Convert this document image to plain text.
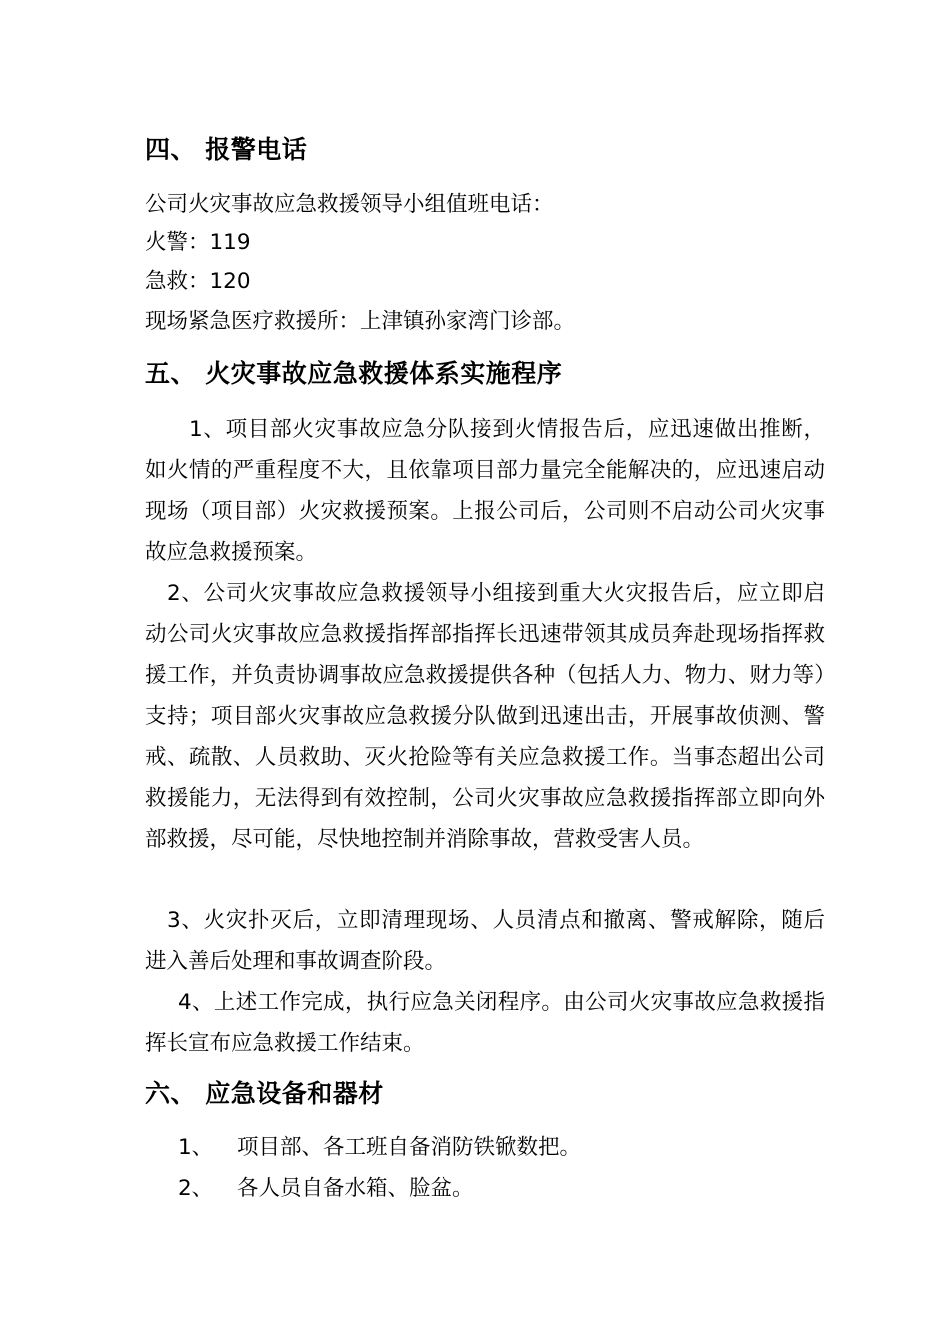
四、 报警电话
公司火灾事故应急救援领导小组值班电话：
火警：119
急救：120
现场紧急医疗救援所：上津镇孙家湾门诊部。
五、 火灾事故应急救援体系实施程序
1、项目部火灾事故应急分队接到火情报告后，应迅速做出推断，如火情的严重程度不大，且依靠项目部力量完全能解决的，应迅速启动现场（项目部）火灾救援预案。上报公司后，公司则不启动公司火灾事故应急救援预案。
2、公司火灾事故应急救援领导小组接到重大火灾报告后，应立即启动公司火灾事故应急救援指挥部指挥长迅速带领其成员奔赴现场指挥救援工作，并负责协调事故应急救援提供各种（包括人力、物力、财力等）支持；项目部火灾事故应急救援分队做到迅速出击，开展事故侦测、警戒、疏散、人员救助、灭火抢险等有关应急救援工作。当事态超出公司救援能力，无法得到有效控制，公司火灾事故应急救援指挥部立即向外部救援，尽可能，尽快地控制并消除事故，营救受害人员。
3、火灾扑灭后，立即清理现场、人员清点和撤离、警戒解除，随后进入善后处理和事故调查阶段。
4、上述工作完成，执行应急关闭程序。由公司火灾事故应急救援指挥长宣布应急救援工作结束。
六、 应急设备和器材
1、 项目部、各工班自备消防铁锨数把。
2、 各人员自备水箱、脸盆。
